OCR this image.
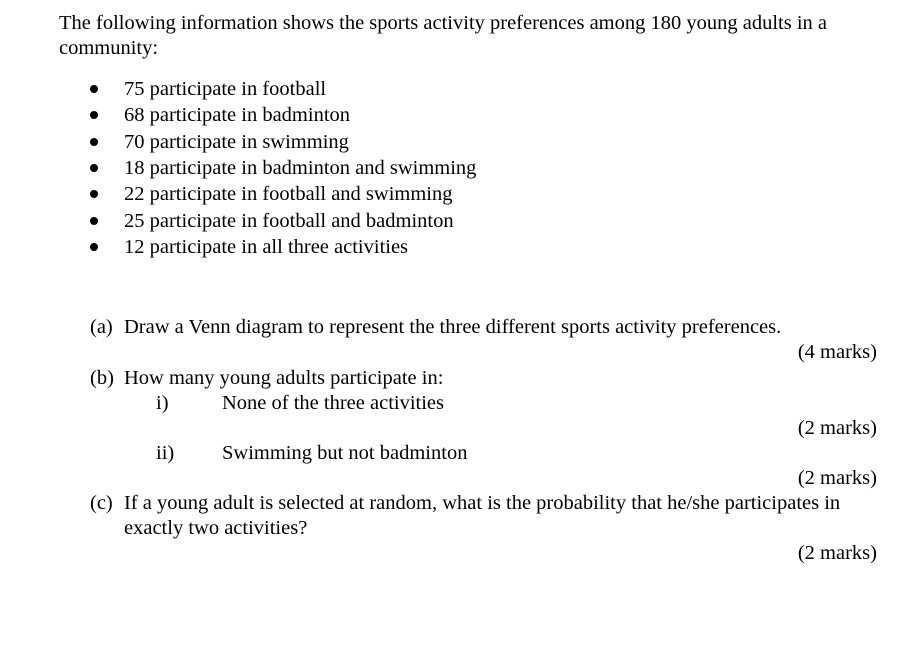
The following information shows the sports activity preferences among 180 young adults in a
community:
75 participate in football
68 participate in badminton
70 participate in swimming
18 participate in badminton and swimming
22 participate in football and swimming
25 participate in football and badminton
12 participate in all three activities
(a) Draw a Venn diagram to represent the three different sports activity preferences.
(4 marks)
(b) How many young adults participate in:
i)	None of the three activities
(2 marks)
ii) Swimming but not badminton
(2 marks)
(c) If a young adult is selected at random, what is the probability that he/she participates in
exactly two activities?
(2 marks)
